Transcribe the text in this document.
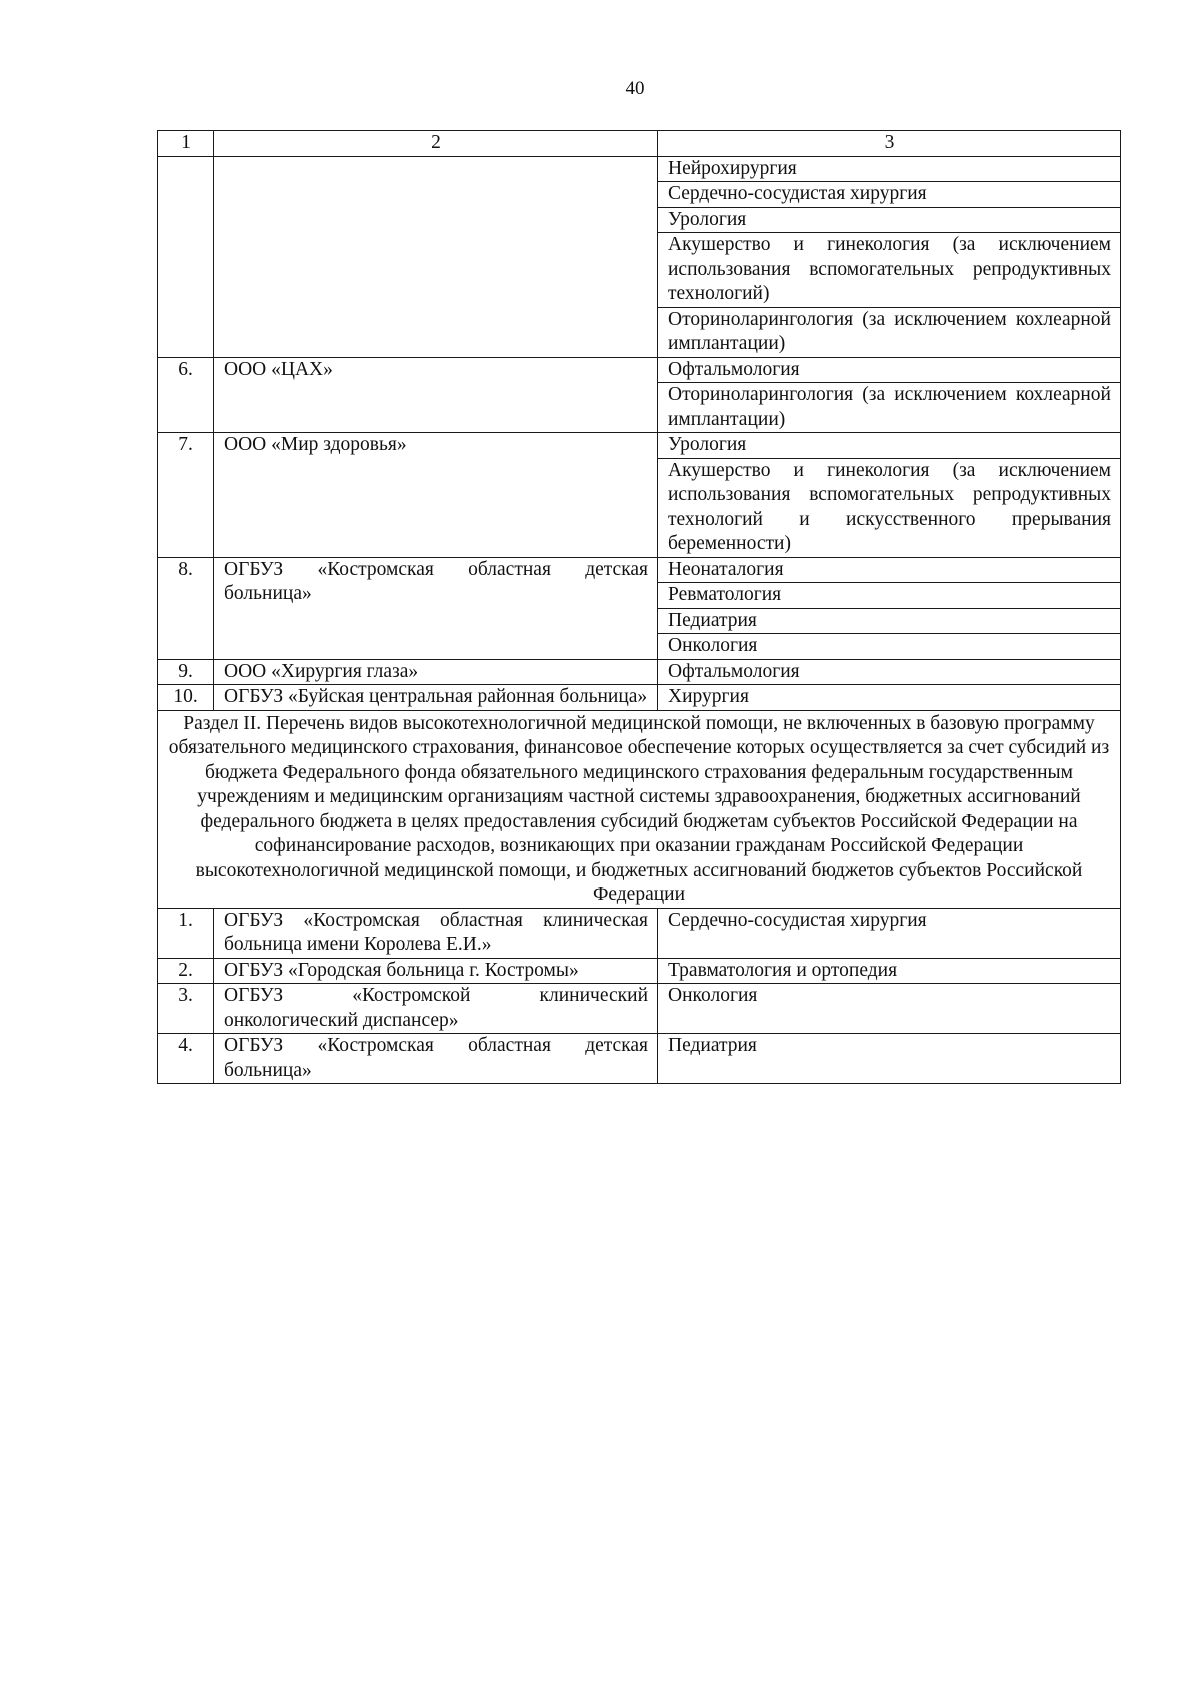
40
1	2	3
		Нейрохирургия
		Сердечно-сосудистая хирургия
		Урология
		Акушерство и гинекология (за исключением использования вспомогательных репродуктивных технологий)
		Оториноларингология (за исключением кохлеарной имплантации)
6.	ООО «ЦАХ»	Офтальмология
		Оториноларингология (за исключением кохлеарной имплантации)
7.	ООО «Мир здоровья»	Урология
		Акушерство и гинекология (за исключением использования вспомогательных репродуктивных технологий и искусственного прерывания беременности)
8.	ОГБУЗ «Костромская областная детская больница»	Неонаталогия
		Ревматология
		Педиатрия
		Онкология
9.	ООО «Хирургия глаза»	Офтальмология
10.	ОГБУЗ «Буйская центральная районная больница»	Хирургия
Раздел II. Перечень видов высокотехнологичной медицинской помощи, не включенных в базовую программу обязательного медицинского страхования, финансовое обеспечение которых осуществляется за счет субсидий из бюджета Федерального фонда обязательного медицинского страхования федеральным государственным учреждениям и медицинским организациям частной системы здравоохранения, бюджетных ассигнований федерального бюджета в целях предоставления субсидий бюджетам субъектов Российской Федерации на софинансирование расходов, возникающих при оказании гражданам Российской Федерации высокотехнологичной медицинской помощи, и бюджетных ассигнований бюджетов субъектов Российской Федерации		
1.	ОГБУЗ «Костромская областная клиническая больница имени Королева Е.И.»	Сердечно-сосудистая хирургия
2.	ОГБУЗ «Городская больница г. Костромы»	Травматология и ортопедия
3.	ОГБУЗ «Костромской клинический онкологический диспансер»	Онкология
4.	ОГБУЗ «Костромская областная детская больница»	Педиатрия
